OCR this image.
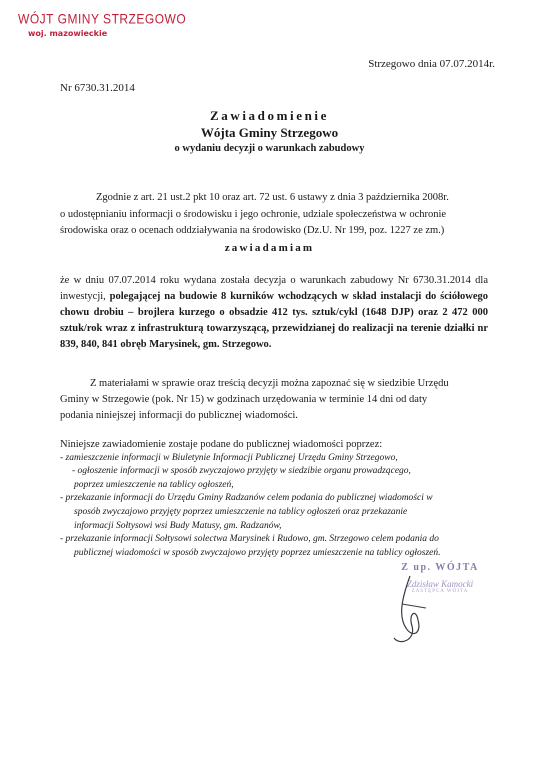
WÓJT GMINY STRZEGOWO
woj. mazowieckie
Strzegowo dnia 07.07.2014r.
Nr 6730.31.2014
Zawiadomienie
Wójta Gminy Strzegowo
o wydaniu decyzji o warunkach zabudowy
Zgodnie z art. 21 ust.2 pkt 10 oraz art. 72 ust. 6 ustawy z dnia 3 października 2008r.
o udostępnianiu informacji o środowisku i jego ochronie, udziale społeczeństwa w ochronie
środowiska oraz o ocenach oddziaływania na środowisko (Dz.U. Nr 199, poz. 1227 ze zm.)
zawiadamiam
że w dniu 07.07.2014 roku wydana została decyzja o warunkach zabudowy Nr 6730.31.2014 dla inwestycji, polegającej na budowie 8 kurników wchodzących w skład instalacji do ściółowego chowu drobiu – brojlera kurzego o obsadzie 412 tys. sztuk/cykl (1648 DJP) oraz 2 472 000 sztuk/rok wraz z infrastrukturą towarzyszącą, przewidzianej do realizacji na terenie działki nr 839, 840, 841 obręb Marysinek, gm. Strzegowo.
Z materiałami w sprawie oraz treścią decyzji można zapoznać się w siedzibie Urzędu
Gminy w Strzegowie (pok. Nr 15) w godzinach urzędowania w terminie 14 dni od daty
podania niniejszej informacji do publicznej wiadomości.
Niniejsze zawiadomienie zostaje podane do publicznej wiadomości poprzez:
- zamieszczenie informacji w Biuletynie Informacji Publicznej Urzędu Gminy Strzegowo,
- ogłoszenie informacji w sposób zwyczajowo przyjęty w siedzibie organu prowadzącego,
poprzez umieszczenie na tablicy ogłoszeń,
- przekazanie informacji do Urzędu Gminy Radzanów celem podania do publicznej wiadomości w
sposób zwyczajowo przyjęty poprzez umieszczenie na tablicy ogłoszeń oraz przekazanie
informacji Sołtysowi wsi Budy Matusy, gm. Radzanów,
- przekazanie informacji Sołtysowi solectwa Marysinek i Rudowo, gm. Strzegowo celem podania do
publicznej wiadomości w sposób zwyczajowo przyjęty poprzez umieszczenie na tablicy ogłoszeń.
Z up. WÓJTA
Zdzisław Kamocki
ZASTĘPCA WÓJTA
